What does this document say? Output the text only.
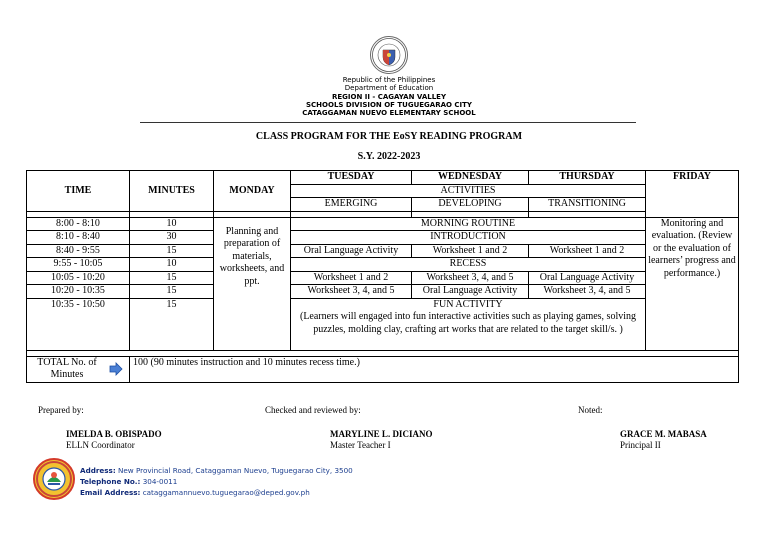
Republic of the Philippines
Department of Education
REGION II - CAGAYAN VALLEY
SCHOOLS DIVISION OF TUGUEGARAO CITY
CATAGGAMAN NUEVO ELEMENTARY SCHOOL
CLASS PROGRAM FOR THE EoSY READING PROGRAM
S.Y. 2022-2023
TIME	MINUTES	MONDAY	TUESDAY	WEDNESDAY	THURSDAY	FRIDAY
			ACTIVITIES			
			EMERGING	DEVELOPING	TRANSITIONING	

8:00 - 8:10	10	Planning and preparation of materials, worksheets, and ppt.	MORNING ROUTINE			Monitoring and evaluation. (Review or the evaluation of learners’ progress and performance.)

8:10 - 8:40	30		INTRODUCTION			
8:40 - 9:55	15		Oral Language Activity	Worksheet 1 and 2	Worksheet 1 and 2	
9:55 - 10:05	10		RECESS			
10:05 - 10:20	15		Worksheet 1 and 2	Worksheet 3, 4, and 5	Oral Language Activity	
10:20 - 10:35	15		Worksheet 3, 4, and 5	Oral Language Activity	Worksheet 3, 4, and 5	
10:35 - 10:50	15		FUN ACTIVITY
(Learners will engaged into fun interactive activities such as playing games, solving puzzles, molding clay, crafting art works that are related to the target skill/s. )			

TOTAL No. of Minutes	100 (90 minutes instruction and 10 minutes recess time.)					
Prepared by:	Checked and reviewed by:	Noted:
IMELDA B. OBISPADO
ELLN Coordinator
MARYLINE L. DICIANO
Master Teacher I
GRACE M. MABASA
Principal II
Address: New Provincial Road, Cataggaman Nuevo, Tuguegarao City, 3500
Telephone No.: 304-0011
Email Address: cataggamannuevo.tuguegarao@deped.gov.ph
